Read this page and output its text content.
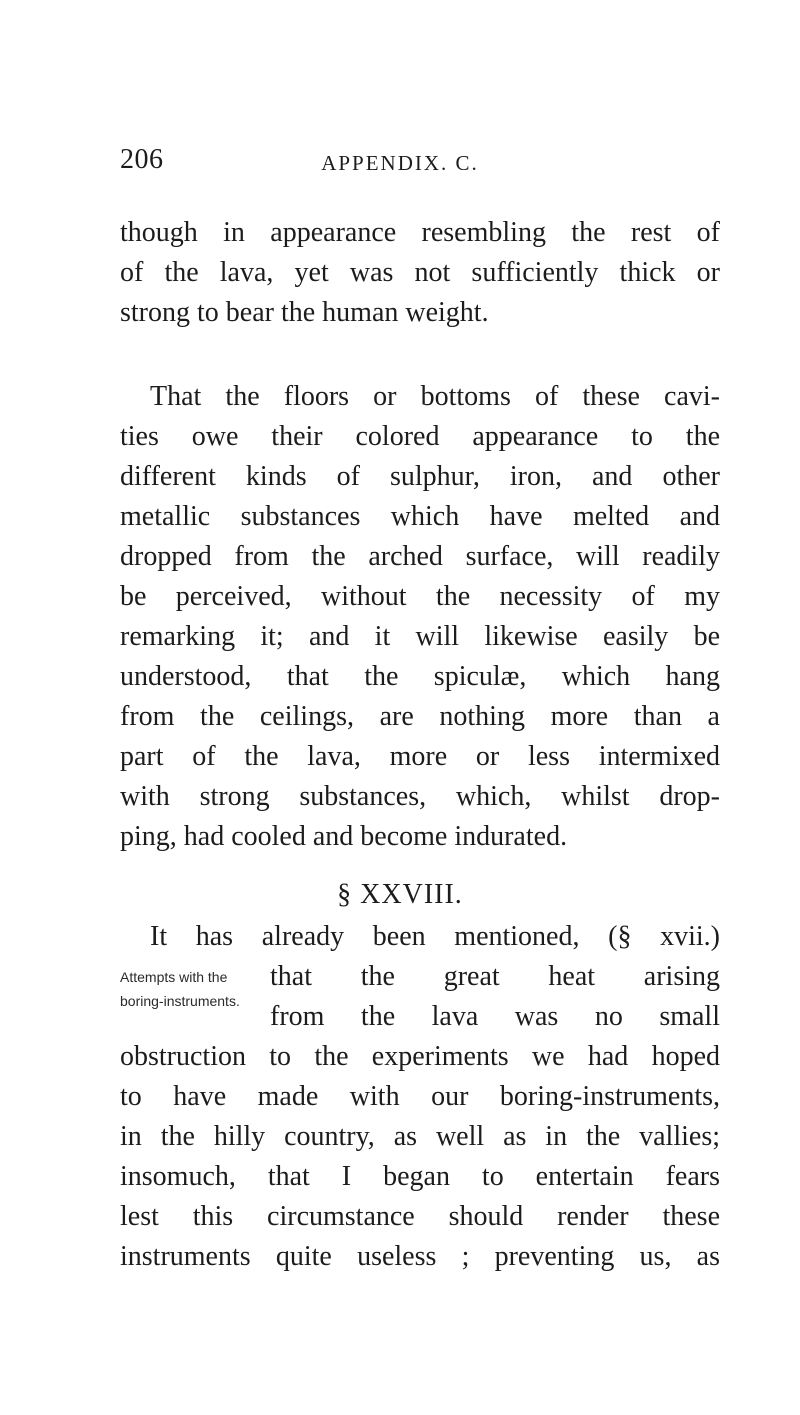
206	APPENDIX. C.
though in appearance resembling the rest of
of the lava, yet was not sufficiently thick or
strong to bear the human weight.
That the floors or bottoms of these cavi-
ties owe their colored appearance to the
different kinds of sulphur, iron, and other
metallic substances which have melted and
dropped from the arched surface, will readily
be perceived, without the necessity of my
remarking it; and it will likewise easily be
understood, that the spiculæ, which hang
from the ceilings, are nothing more than a
part of the lava, more or less intermixed
with strong substances, which, whilst drop-
ping, had cooled and become indurated.
§ XXVIII.
It has already been mentioned, (§ xvii.)
Attempts with the
boring-instruments.
that the great heat arising
from the lava was no small
obstruction to the experiments we had hoped
to have made with our boring-instruments,
in the hilly country, as well as in the vallies;
insomuch, that I began to entertain fears
lest this circumstance should render these
instruments quite useless ; preventing us, as
